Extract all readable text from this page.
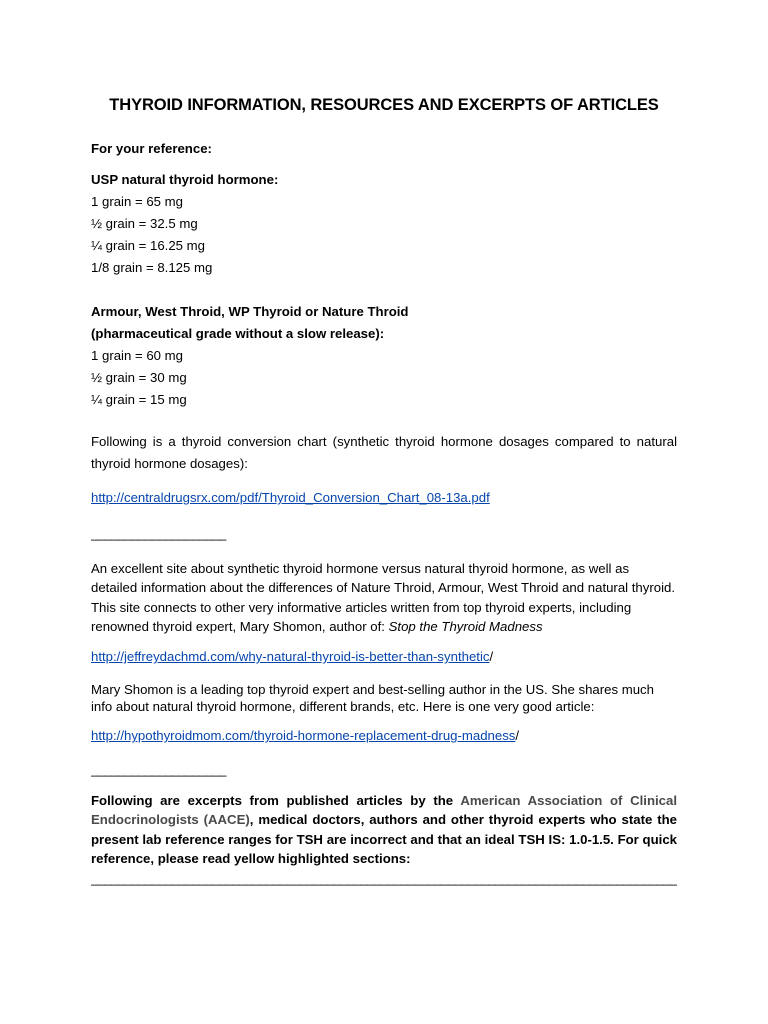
THYROID INFORMATION, RESOURCES AND EXCERPTS OF ARTICLES

For your reference:

USP natural thyroid hormone:
1 grain = 65 mg
½ grain = 32.5 mg
¼ grain = 16.25 mg
1/8 grain = 8.125 mg
Armour, West Throid, WP Thyroid or Nature Throid
(pharmaceutical grade without a slow release):
1 grain = 60 mg
½ grain = 30 mg
¼ grain = 15 mg
Following is a thyroid conversion chart (synthetic thyroid hormone dosages compared to natural thyroid hormone dosages):
http://centraldrugsrx.com/pdf/Thyroid_Conversion_Chart_08-13a.pdf
____________________
An excellent site about synthetic thyroid hormone versus natural thyroid hormone, as well as detailed information about the differences of Nature Throid, Armour, West Throid and natural thyroid. This site connects to other very informative articles written from top thyroid experts, including renowned thyroid expert, Mary Shomon, author of: Stop the Thyroid Madness
http://jeffreydachmd.com/why-natural-thyroid-is-better-than-synthetic/
Mary Shomon is a leading top thyroid expert and best-selling author in the US. She shares much info about natural thyroid hormone, different brands, etc. Here is one very good article:
http://hypothyroidmom.com/thyroid-hormone-replacement-drug-madness/
____________________
Following are excerpts from published articles by the American Association of Clinical Endocrinologists (AACE), medical doctors, authors and other thyroid experts who state the present lab reference ranges for TSH are incorrect and that an ideal TSH IS: 1.0-1.5. For quick reference, please read yellow highlighted sections:
_______________________________________________________________________________________
